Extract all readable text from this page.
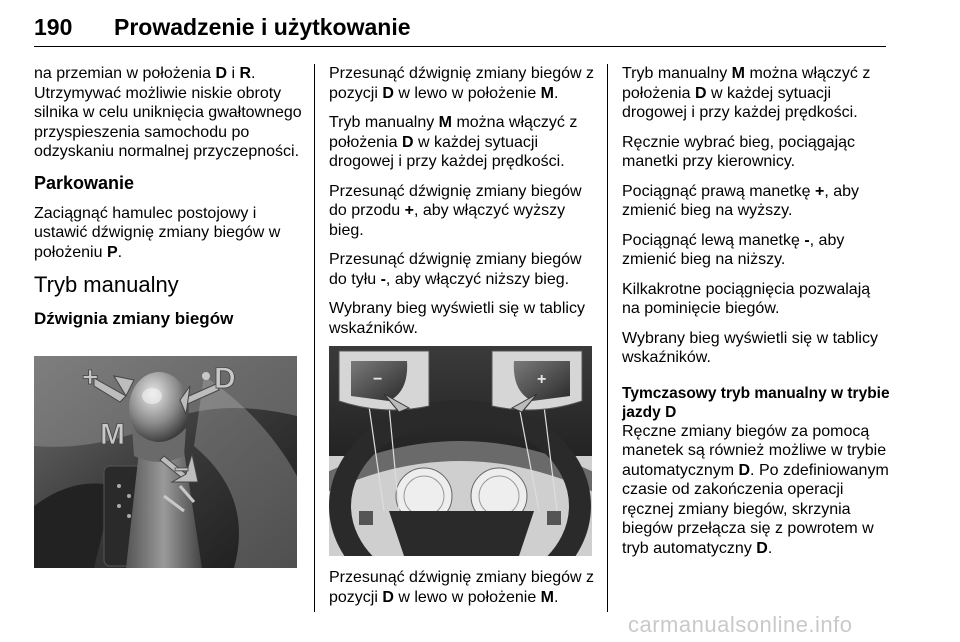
190 Prowadzenie i użytkowanie

na przemian w położenia D i R.

Utrzymywać możliwie niskie obroty silnika w celu uniknięcia gwałtownego przyspieszenia samochodu po odzyskaniu normalnej przyczepności.

Parkowanie

Zaciągnąć hamulec postojowy i ustawić dźwignię zmiany biegów w położeniu P.

Tryb manualny
Dźwignia zmiany biegów
+	D
M
−

Przesunąć dźwignię zmiany biegów z pozycji D w lewo w położenie M.

Tryb manualny M można włączyć z położenia D w każdej sytuacji drogowej i przy każdej prędkości.

Przesunąć dźwignię zmiany biegów do przodu +, aby włączyć wyższy bieg.

Przesunąć dźwignię zmiany biegów do tyłu -, aby włączyć niższy bieg.

Wybrany bieg wyświetli się w tablicy wskaźników.

−	+

Przesunąć dźwignię zmiany biegów z pozycji D w lewo w położenie M.

Tryb manualny M można włączyć z położenia D w każdej sytuacji drogowej i przy każdej prędkości.

Ręcznie wybrać bieg, pociągając manetki przy kierownicy.

Pociągnąć prawą manetkę +, aby zmienić bieg na wyższy.

Pociągnąć lewą manetkę -, aby zmienić bieg na niższy.

Kilkakrotne pociągnięcia pozwalają na pominięcie biegów.

Wybrany bieg wyświetli się w tablicy wskaźników.

Tymczasowy tryb manualny w trybie jazdy D

Ręczne zmiany biegów za pomocą manetek są również możliwe w trybie automatycznym D. Po zdefiniowanym czasie od zakończenia operacji ręcznej zmiany biegów, skrzynia biegów przełącza się z powrotem w tryb automatyczny D.

carmanualsonline.info
